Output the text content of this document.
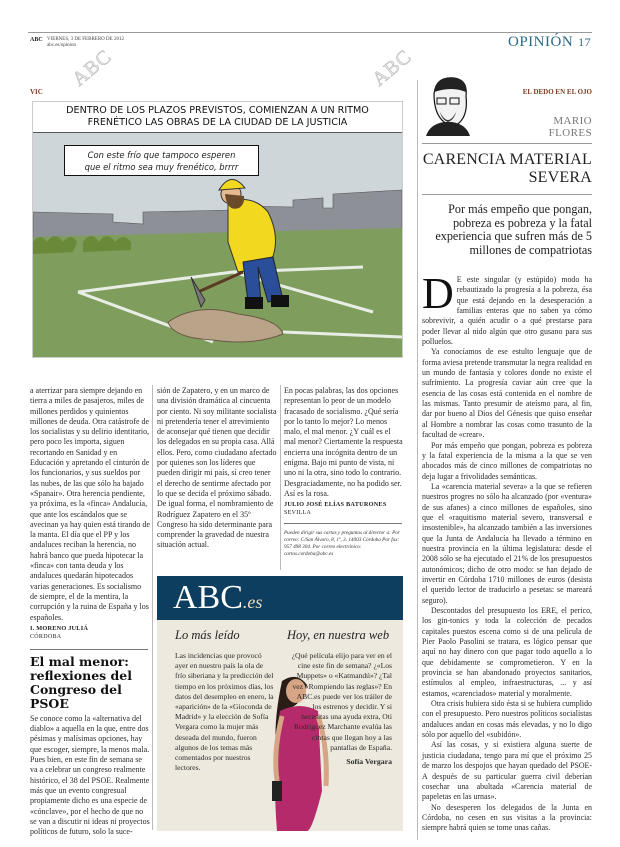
ABC VIERNES, 3 DE FEBRERO DE 2012
abc.es/opinion	OPINIÓN 17
ABC	ABC
VIC
DENTRO DE LOS PLAZOS PREVISTOS, COMIENZAN A UN RITMO
FRENÉTICO LAS OBRAS DE LA CIUDAD DE LA JUSTICIA
Con este frío que tampoco esperen
que el ritmo sea muy frenético, brrrr
a aterrizar para siempre dejando en tierra a miles de pasajeros, miles de millones perdidos y quinientos millones de deuda. Otra catástrofe de los socialistas y su delirio identitario, pero poco les importa, siguen recortando en Sanidad y en Educación y apretando el cinturón de los funcionarios, y sus sueldos por las nubes, de las que sólo ha bajado «Spanair». Otra herencia pendiente, ya próxima, es la «finca» Andalucía, que ante los escándalos que se avecinan ya hay quien está tirando de la manta. El día que el PP y los andaluces reciban la herencia, no habrá banco que pueda hipotecar la «finca» con tanta deuda y los andaluces quedarán hipotecados varias generaciones. Es socialismo de siempre, el de la mentira, la corrupción y la ruina de España y los españoles.
I. MORENO JULIÁ
CÓRDOBA
El mal menor: reflexiones del Congreso del PSOE
Se conoce como la «alternativa del diablo» a aquella en la que, entre dos pésimas y malísimas opciones, hay que escoger, siempre, la menos mala. Pues bien, en este fin de semana se va a celebrar un congreso realmente histórico, el 38 del PSOE. Realmente más que un evento congresual propiamente dicho es una especie de «cónclave», por el hecho de que no se van a discutir ni ideas ni proyectos políticos de futuro, solo la suce-
sión de Zapatero, y en un marco de una división dramática al cincuenta por ciento. Ni soy militante socialista ni pretendería tener el atrevimiento de aconsejar qué tienen que decidir los delegados en su propia casa. Allá ellos. Pero, como ciudadano afectado por quienes son los líderes que pueden dirigir mi país, sí creo tener el derecho de sentirme afectado por lo que se decida el próximo sábado. De igual forma, el nombramiento de Rodríguez Zapatero en el 35º Congreso ha sido determinante para comprender la gravedad de nuestra situación actual.
En pocas palabras, las dos opciones representan lo peor de un modelo fracasado de socialismo. ¿Qué sería por lo tanto lo mejor? Lo menos malo, el mal menor. ¿Y cuál es el mal menor? Ciertamente la respuesta encierra una incógnita dentro de un enigma. Bajo mi punto de vista, ni uno ni la otra, sino todo lo contrario. Desgraciadamente, no ha podido ser. Así es la rosa.
JULIO JOSÉ ELÍAS BATURONES
SEVILLA
Pueden dirigir sus cartas y preguntas al director a: Por correo: C/San Álvaro, 8, 1º, 3. 14003 Córdoba Por fax: 957 498 304. Por correo electrónico: cartas.cordoba@abc.es
ABC.es
Lo más leído	Hoy, en nuestra web
Las incidencias que provocó ayer en nuestro país la ola de frío siberiana y la predicción del tiempo en los próximos días, los datos del desempleo en enero, la «aparición» de la «Gioconda de Madrid» y la elección de Sofía Vergara como la mujer más deseada del mundo, fueron algunos de los temas más comentados por nuestros lectores.
¿Qué película elijo para ver en el cine este fin de semana? ¿«Los Muppets» o «Katmandú»? ¿Tal vez «Rompiendo las reglas»? En ABC.es puede ver los tráiler de los estrenos y decidir. Y si necesitas una ayuda extra, Oti Rodríguez Marchante evalúa las cintas que llegan hoy a las pantallas de España.
Sofía Vergara
EL DEDO EN EL OJO
MARIO
FLORES
CARENCIA MATERIAL SEVERA
Por más empeño que pongan, pobreza es pobreza y la fatal experiencia que sufren más de 5 millones de compatriotas

D E este singular (y estúpido) modo ha rebautizado la progresía a la pobreza, ésa que está dejando en la desesperación a familias enteras que no saben ya cómo sobrevivir, a quién acudir o a qué prestarse para poder llevar al nido algún que otro gusano para sus polluelos.

Ya conocíamos de ese estulto lenguaje que de forma aviesa pretende transmutar la negra realidad en un mundo de fantasía y colores donde no existe el sufrimiento. La progresía caviar aún cree que la esencia de las cosas está contenida en el nombre de las mismas. Tanto presumir de ateísmo para, al fin, dar por bueno al Dios del Génesis que quiso enseñar al Hombre a nombrar las cosas como trasunto de la facultad de «crear».

Por más empeño que pongan, pobreza es pobreza y la fatal experiencia de la misma a la que se ven abocados más de cinco millones de compatriotas no deja lugar a frivolidades semánticas.

La «carencia material severa» a la que se refieren nuestros progres no sólo ha alcanzado (por «ventura» de sus afanes) a cinco millones de españoles, sino que el «raquitismo material severo, transversal e insostenible», ha alcanzado también a las inversiones que la Junta de Andalucía ha llevado a término en nuestra provincia en la última legislatura: desde el 2008 sólo se ha ejecutado el 21% de los presupuestos autonómicos; dicho de otro modo: se han dejado de invertir en Córdoba 1710 millones de euros (desista el querido lector de traducirlo a pesetas: se mareará seguro).

Descontados del presupuesto los ERE, el perico, los gin-tonics y toda la colección de pecados capitales puestos escena como si de una película de Pier Paolo Pasolini se tratara, es lógico pensar que aquí no hay dinero con que pagar todo aquello a lo que debidamente se comprometieron. Y en la provincia se han abandonado proyectos sanitarios, estímulos al empleo, infraestructuras, ... y así estamos, «carenciados» material y moralmente.

Otra crisis hubiera sido ésta si se hubiera cumplido con el presupuesto. Pero nuestros políticos socialistas andaluces andan en cosas más elevadas, y no lo digo sólo por aquello del «subidón».

Así las cosas, y si existiera alguna suerte de justicia ciudadana, tengo para mí que el próximo 25 de marzo los despojos que hayan quedado del PSOE-A después de su particular guerra civil deberían cosechar una abultada «Carencia material de papeletas en las urnas».

No desesperen los delegados de la Junta en Córdoba, no cesen en sus visitas a la provincia: siempre habrá quien se tome unas cañas.
